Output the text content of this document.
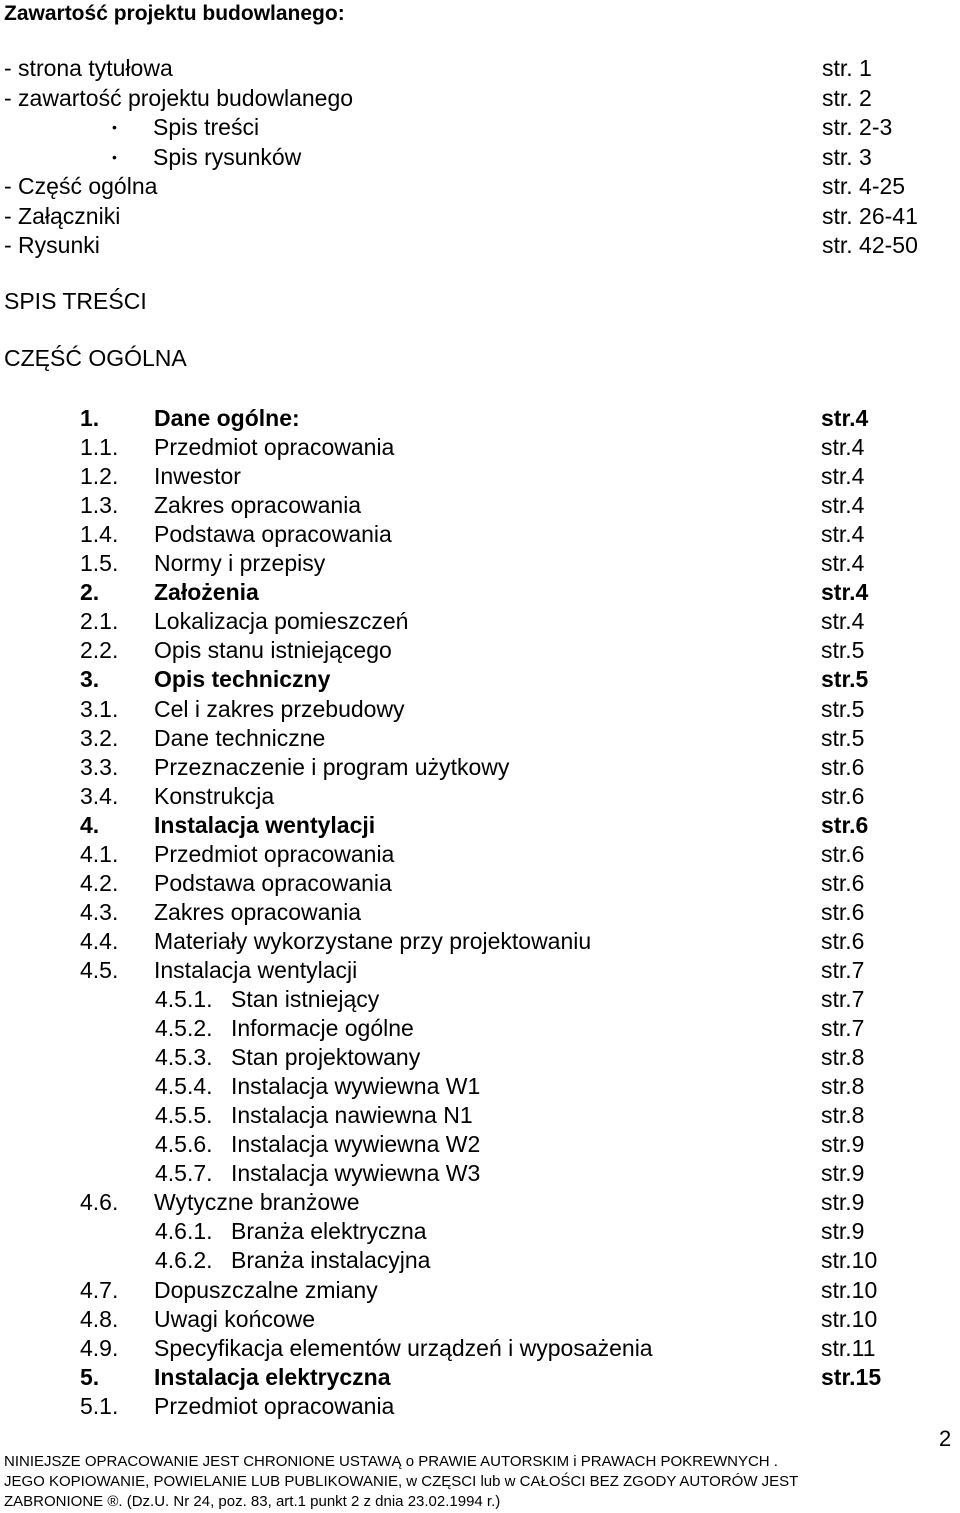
Zawartość projektu budowlanego:
- strona tytułowa	str. 1
- zawartość projektu budowlanego	str. 2
• Spis treści	str. 2-3
• Spis rysunków	str. 3
- Część ogólna	str. 4-25
- Załączniki	str. 26-41
- Rysunki	str. 42-50
SPIS TREŚCI
CZĘŚĆ OGÓLNA
1. Dane ogólne:	str.4
1.1. Przedmiot opracowania	str.4
1.2. Inwestor	str.4
1.3. Zakres opracowania	str.4
1.4. Podstawa opracowania	str.4
1.5. Normy i przepisy	str.4
2. Założenia	str.4
2.1. Lokalizacja pomieszczeń	str.4
2.2. Opis stanu istniejącego	str.5
3. Opis techniczny	str.5
3.1. Cel i zakres przebudowy	str.5
3.2. Dane techniczne	str.5
3.3. Przeznaczenie i program użytkowy	str.6
3.4. Konstrukcja	str.6
4. Instalacja wentylacji	str.6
4.1. Przedmiot opracowania	str.6
4.2. Podstawa opracowania	str.6
4.3. Zakres opracowania	str.6
4.4. Materiały wykorzystane przy projektowaniu	str.6
4.5. Instalacja wentylacji	str.7
4.5.1. Stan istniejący	str.7
4.5.2. Informacje ogólne	str.7
4.5.3. Stan projektowany	str.8
4.5.4. Instalacja wywiewna W1	str.8
4.5.5. Instalacja nawiewna N1	str.8
4.5.6. Instalacja wywiewna W2	str.9
4.5.7. Instalacja wywiewna W3	str.9
4.6. Wytyczne branżowe	str.9
4.6.1. Branża elektryczna	str.9
4.6.2. Branża instalacyjna	str.10
4.7. Dopuszczalne zmiany	str.10
4.8. Uwagi końcowe	str.10
4.9. Specyfikacja elementów urządzeń i wyposażenia	str.11
5. Instalacja elektryczna	str.15
5.1. Przedmiot opracowania
2
NINIEJSZE OPRACOWANIE JEST CHRONIONE USTAWĄ o PRAWIE AUTORSKIM i PRAWACH POKREWNYCH .
JEGO KOPIOWANIE, POWIELANIE LUB PUBLIKOWANIE, w CZĘSCI lub w CAŁOŚCI BEZ ZGODY AUTORÓW JEST
ZABRONIONE ®. (Dz.U. Nr 24, poz. 83, art.1 punkt 2 z dnia 23.02.1994 r.)
